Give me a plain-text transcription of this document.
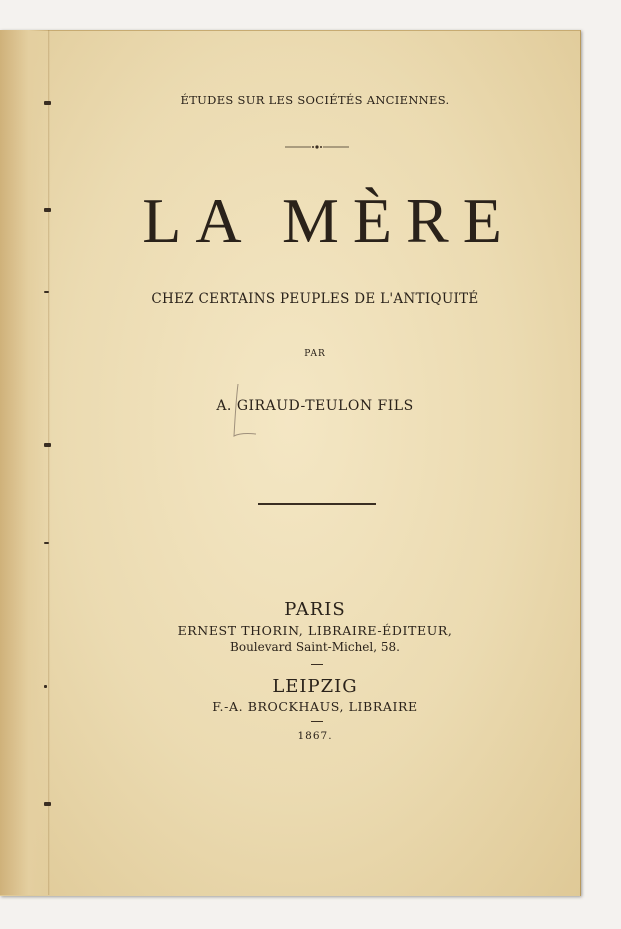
ÉTUDES SUR LES SOCIÉTÉS ANCIENNES.
LA MÈRE
CHEZ CERTAINS PEUPLES DE L'ANTIQUITÉ
PAR
A. GIRAUD-TEULON FILS
PARIS
ERNEST THORIN, LIBRAIRE-ÉDITEUR,
Boulevard Saint-Michel, 58.
LEIPZIG
F.-A. BROCKHAUS, LIBRAIRE
1867.
